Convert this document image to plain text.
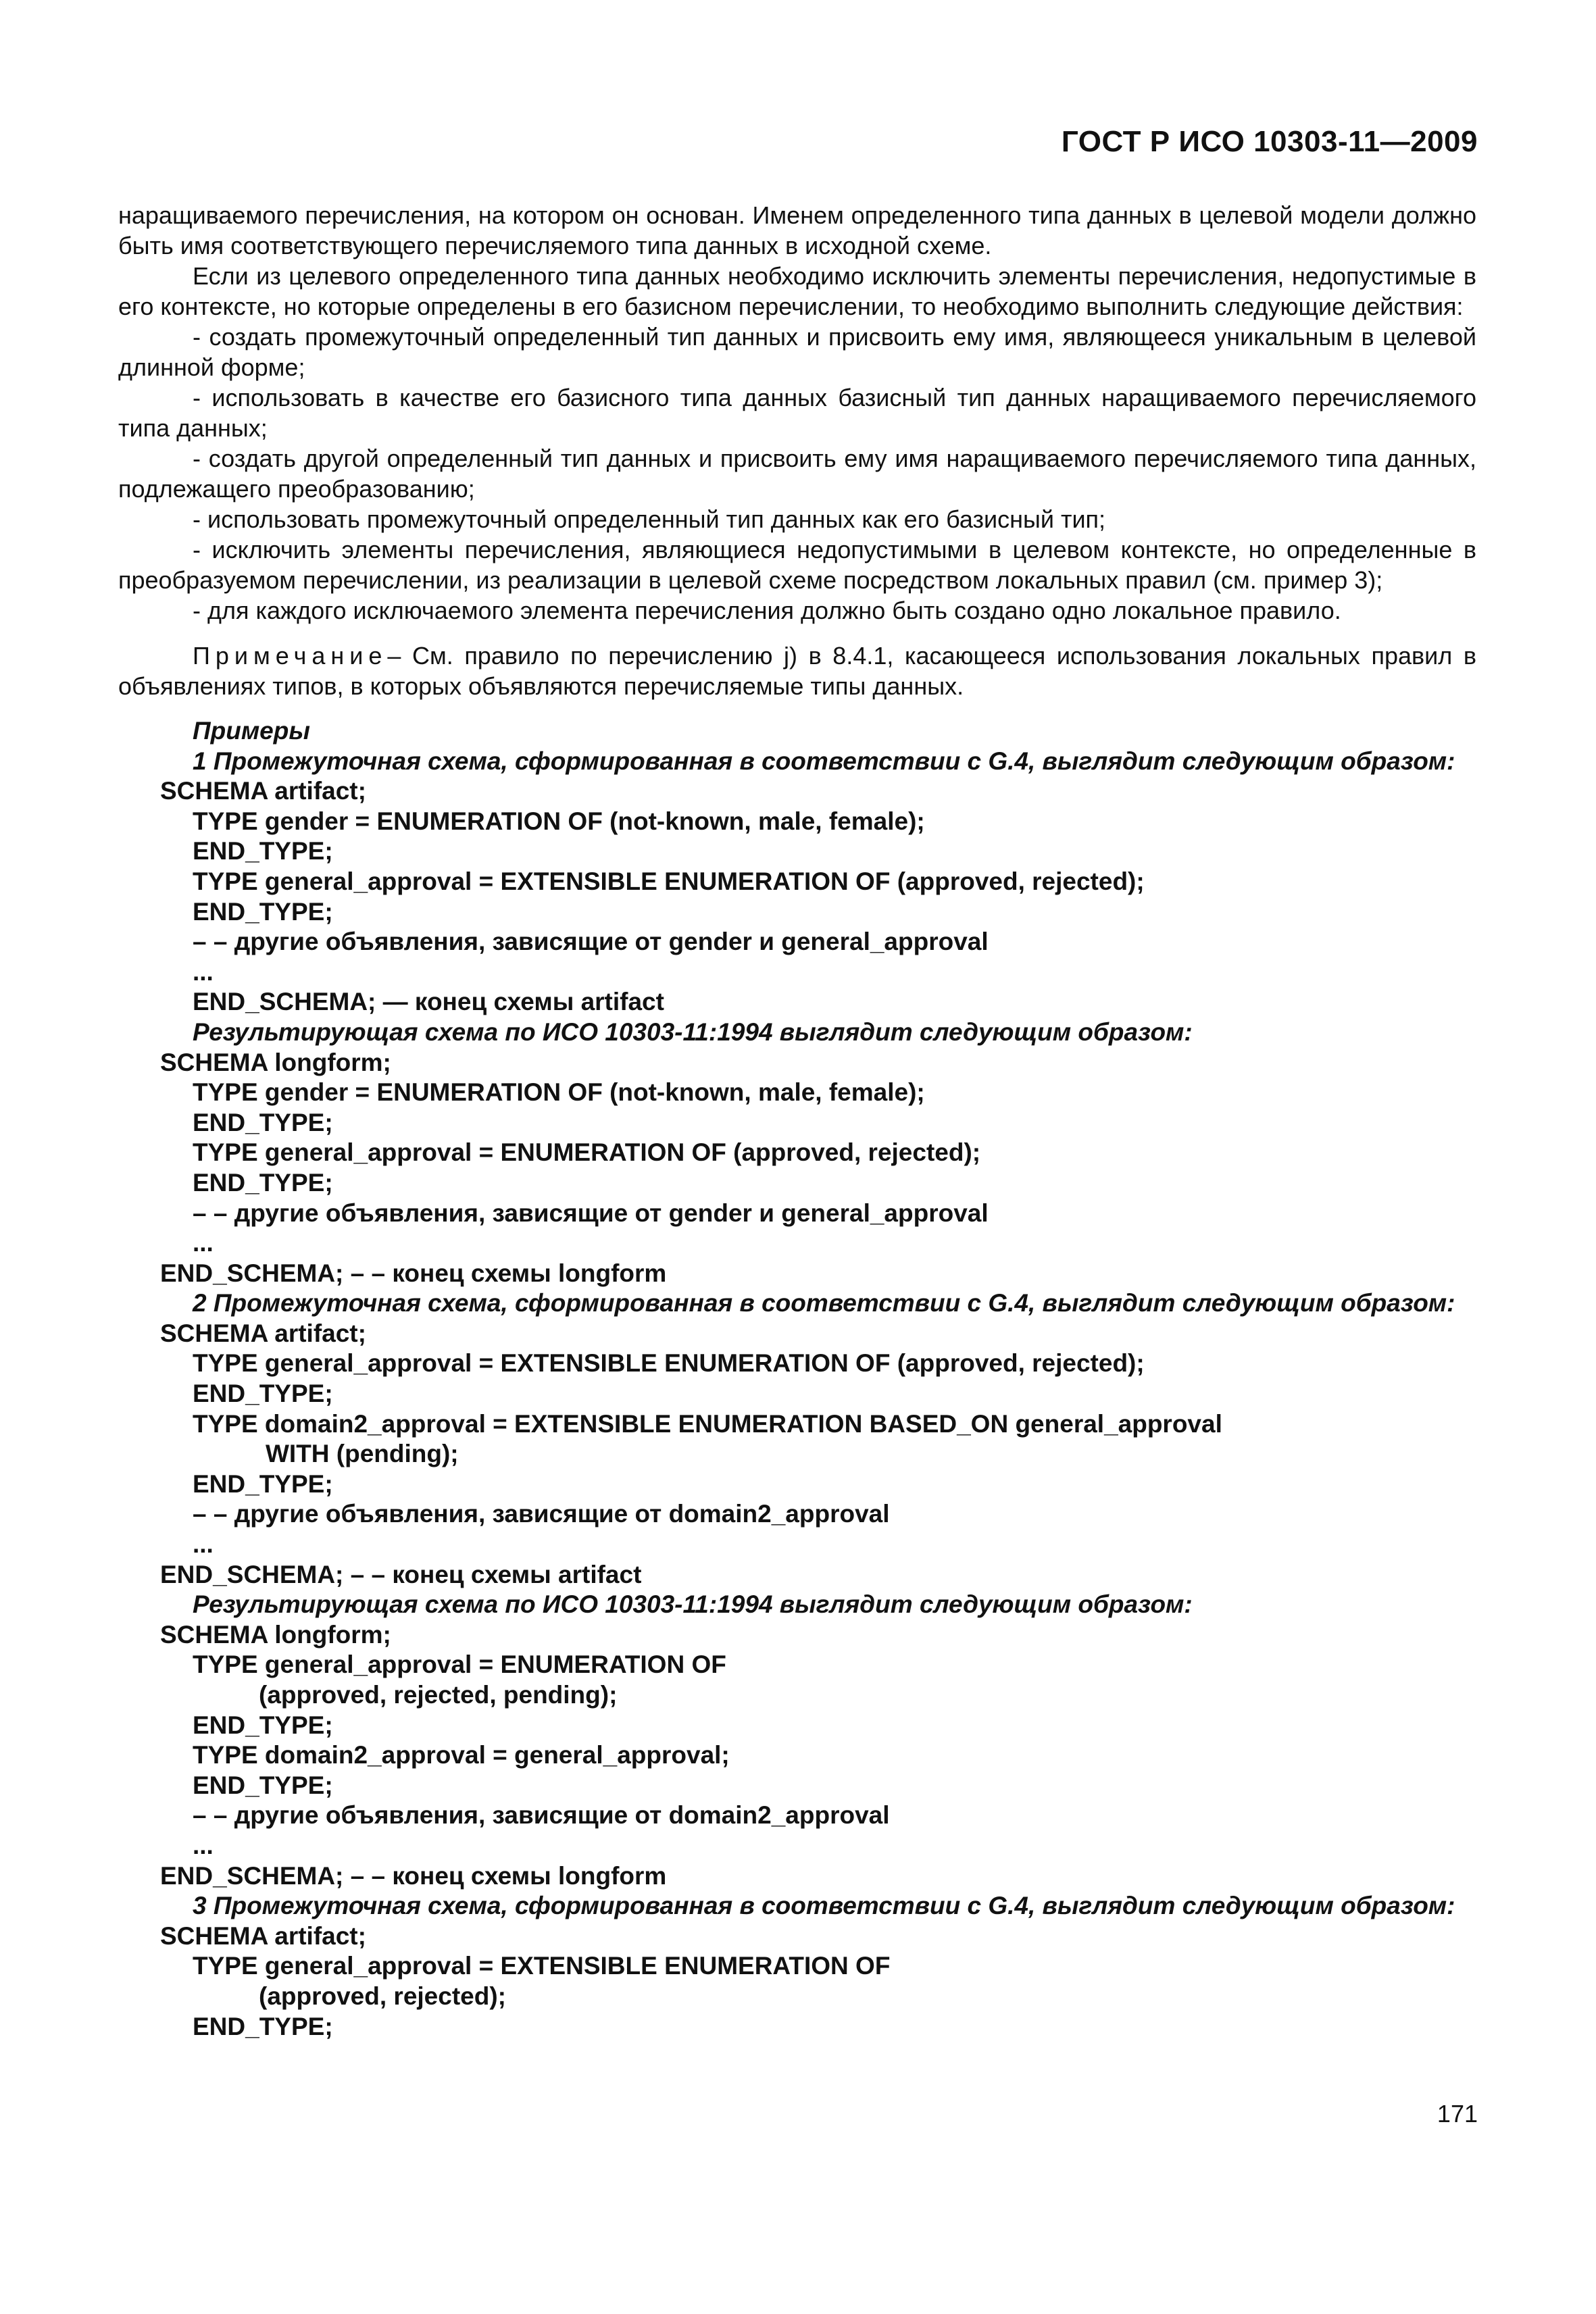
ГОСТ Р ИСО 10303-11—2009

наращиваемого перечисления, на котором он основан. Именем определенного типа данных в целевой модели должно быть имя соответствующего перечисляемого типа данных в исходной схеме.

Если из целевого определенного типа данных необходимо исключить элементы перечисления, недопустимые в его контексте, но которые определены в его базисном перечислении, то необходимо выполнить следующие действия:

- создать промежуточный определенный тип данных и присвоить ему имя, являющееся уникальным в целевой длинной форме;

- использовать в качестве его базисного типа данных базисный тип данных наращиваемого перечисляемого типа данных;

- создать другой определенный тип данных и присвоить ему имя наращиваемого перечисляемого типа данных, подлежащего преобразованию;

- использовать промежуточный определенный тип данных как его базисный тип;

- исключить элементы перечисления, являющиеся недопустимыми в целевом контексте, но определенные в преобразуемом перечислении, из реализации в целевой схеме посредством локальных правил (см. пример 3);

- для каждого исключаемого элемента перечисления должно быть создано одно локальное правило.

Примечание– См. правило по перечислению j) в 8.4.1, касающееся использования локальных правил в объявлениях типов, в которых объявляются перечисляемые типы данных.

Примеры

1 Промежуточная схема, сформированная в соответствии с G.4, выглядит следующим образом:

SCHEMA artifact;

TYPE gender = ENUMERATION OF (not-known, male, female);

END_TYPE;

TYPE general_approval = EXTENSIBLE ENUMERATION OF (approved, rejected);

END_TYPE;

– – другие объявления, зависящие от gender и general_approval

...

END_SCHEMA; — конец схемы artifact

Результирующая схема по ИСО 10303-11:1994 выглядит следующим образом:

SCHEMA longform;

TYPE gender = ENUMERATION OF (not-known, male, female);

END_TYPE;

TYPE general_approval = ENUMERATION OF (approved, rejected);

END_TYPE;

– – другие объявления, зависящие от gender и general_approval

...

END_SCHEMA; – – конец схемы longform

2 Промежуточная схема, сформированная в соответствии с G.4, выглядит следующим образом:

SCHEMA artifact;

TYPE general_approval = EXTENSIBLE ENUMERATION OF (approved, rejected);

END_TYPE;

TYPE domain2_approval = EXTENSIBLE ENUMERATION BASED_ON general_approval

WITH (pending);

END_TYPE;

– – другие объявления, зависящие от domain2_approval

...

END_SCHEMA; – – конец схемы artifact

Результирующая схема по ИСО 10303-11:1994 выглядит следующим образом:

SCHEMA longform;

TYPE general_approval = ENUMERATION OF

(approved, rejected, pending);

END_TYPE;

TYPE domain2_approval = general_approval;

END_TYPE;

– – другие объявления, зависящие от domain2_approval

...

END_SCHEMA; – – конец схемы longform

3 Промежуточная схема, сформированная в соответствии с G.4, выглядит следующим образом:

SCHEMA artifact;

TYPE general_approval = EXTENSIBLE ENUMERATION OF

(approved, rejected);

END_TYPE;

171
